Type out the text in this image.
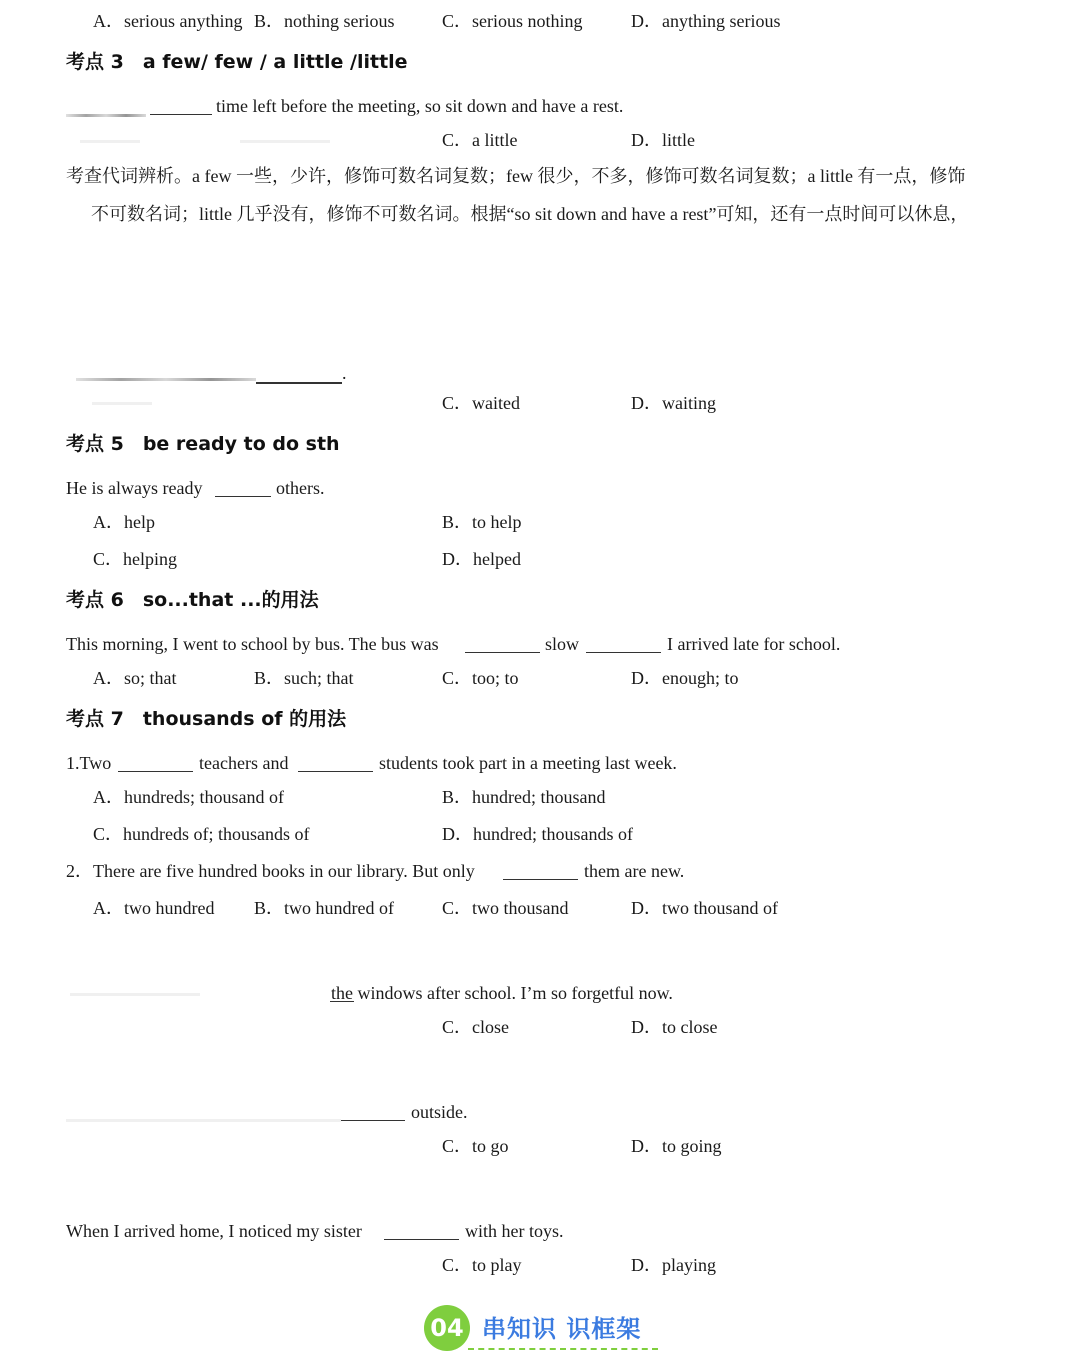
A．serious anything B．nothing serious	C．serious nothing	D．anything serious
考点 3　a few/ few / a little /little
time left before the meeting, so sit down and have a rest.
C．a little	D．little
考查代词辨析。a few 一些，少许，修饰可数名词复数；few 很少，不多，修饰可数名词复数；a little 有一点，修饰
不可数名词；little 几乎没有，修饰不可数名词。根据“so sit down and have a rest”可知，还有一点时间可以休息，
.
C．waited	D．waiting
考点 5　be ready to do sth
He is always ready	others.
A．help	B．to help
C．helping	D．helped
考点 6　so...that ...的用法
This morning, I went to school by bus. The bus was	slow	I arrived late for school.
A．so; that	B．such; that	C．too; to	D．enough; to
考点 7　thousands of 的用法
1.Two	teachers and	students took part in a meeting last week.
A．hundreds; thousand of	B．hundred; thousand
C．hundreds of; thousands of	D．hundred; thousands of
2．There are five hundred books in our library. But only	them are new.
A．two hundred B．two hundred of	C．two thousand	D．two thousand of
the windows after school. I’m so forgetful now.
C．close	D．to close
outside.
C．to go	D．to going
When I arrived home, I noticed my sister	with her toys.
C．to play	D．playing
04 串知识 识框架
